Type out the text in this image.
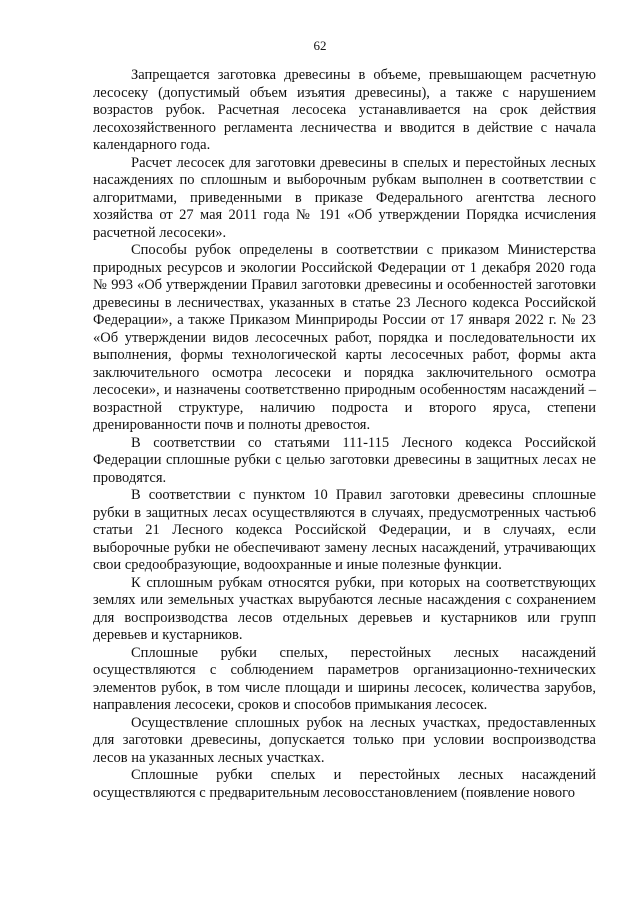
62

Запрещается заготовка древесины в объеме, превышающем расчетную лесосеку (допустимый объем изъятия древесины), а также с нарушением возрастов рубок. Расчетная лесосека устанавливается на срок действия лесохозяйственного регламента лесничества и вводится в действие с начала календарного года.

Расчет лесосек для заготовки древесины в спелых и перестойных лесных насаждениях по сплошным и выборочным рубкам выполнен в соответствии с алгоритмами, приведенными в приказе Федерального агентства лесного хозяйства от 27 мая 2011 года № 191 «Об утверждении Порядка исчисления расчетной лесосеки».

Способы рубок определены в соответствии с приказом Министерства природных ресурсов и экологии Российской Федерации от 1 декабря 2020 года № 993 «Об утверждении Правил заготовки древесины и особенностей заготовки древесины в лесничествах, указанных в статье 23 Лесного кодекса Российской Федерации», а также Приказом Минприроды России от 17 января 2022 г. № 23 «Об утверждении видов лесосечных работ, порядка и последовательности их выполнения, формы технологической карты лесосечных работ, формы акта заключительного осмотра лесосеки и порядка заключительного осмотра лесосеки», и назначены соответственно природным особенностям насаждений – возрастной структуре, наличию подроста и второго яруса, степени дренированности почв и полноты древостоя.

В соответствии со статьями 111-115 Лесного кодекса Российской Федерации сплошные рубки с целью заготовки древесины в защитных лесах не проводятся.

В соответствии с пунктом 10 Правил заготовки древесины сплошные рубки в защитных лесах осуществляются в случаях, предусмотренных частью6 статьи 21 Лесного кодекса Российской Федерации, и в случаях, если выборочные рубки не обеспечивают замену лесных насаждений, утрачивающих свои средообразующие, водоохранные и иные полезные функции.

К сплошным рубкам относятся рубки, при которых на соответствующих землях или земельных участках вырубаются лесные насаждения с сохранением для воспроизводства лесов отдельных деревьев и кустарников или групп деревьев и кустарников.

Сплошные рубки спелых, перестойных лесных насаждений осуществляются с соблюдением параметров организационно-технических элементов рубок, в том числе площади и ширины лесосек, количества зарубов, направления лесосеки, сроков и способов примыкания лесосек.

Осуществление сплошных рубок на лесных участках, предоставленных для заготовки древесины, допускается только при условии воспроизводства лесов на указанных лесных участках.

Сплошные рубки спелых и перестойных лесных насаждений осуществляются с предварительным лесовосстановлением (появление нового
